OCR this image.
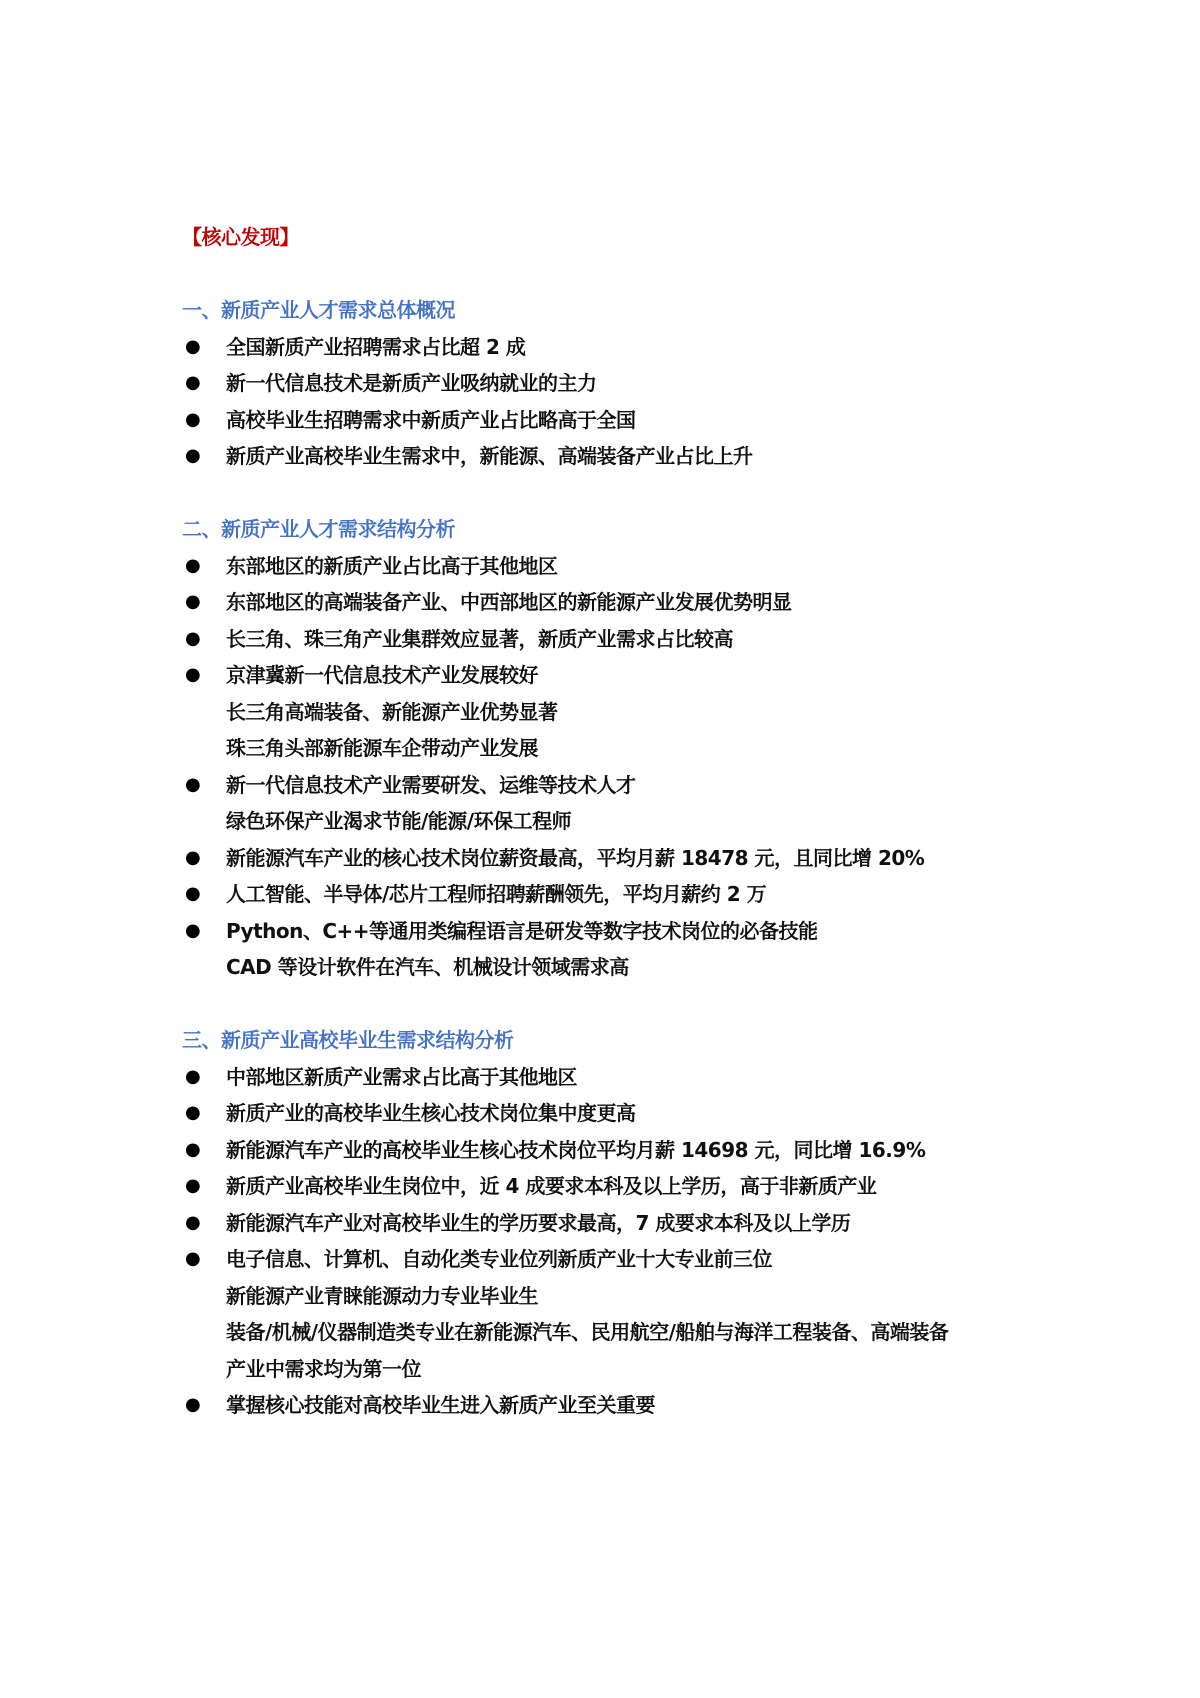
【核心发现】
一、新质产业人才需求总体概况
● 全国新质产业招聘需求占比超 2 成
● 新一代信息技术是新质产业吸纳就业的主力
● 高校毕业生招聘需求中新质产业占比略高于全国
● 新质产业高校毕业生需求中，新能源、高端装备产业占比上升
二、新质产业人才需求结构分析
● 东部地区的新质产业占比高于其他地区
● 东部地区的高端装备产业、中西部地区的新能源产业发展优势明显
● 长三角、珠三角产业集群效应显著，新质产业需求占比较高
● 京津冀新一代信息技术产业发展较好
长三角高端装备、新能源产业优势显著
珠三角头部新能源车企带动产业发展
● 新一代信息技术产业需要研发、运维等技术人才
绿色环保产业渴求节能/能源/环保工程师
● 新能源汽车产业的核心技术岗位薪资最高，平均月薪 18478 元，且同比增 20%
● 人工智能、半导体/芯片工程师招聘薪酬领先，平均月薪约 2 万
● Python、C++等通用类编程语言是研发等数字技术岗位的必备技能
CAD 等设计软件在汽车、机械设计领域需求高
三、新质产业高校毕业生需求结构分析
● 中部地区新质产业需求占比高于其他地区
● 新质产业的高校毕业生核心技术岗位集中度更高
● 新能源汽车产业的高校毕业生核心技术岗位平均月薪 14698 元，同比增 16.9%
● 新质产业高校毕业生岗位中，近 4 成要求本科及以上学历，高于非新质产业
● 新能源汽车产业对高校毕业生的学历要求最高，7 成要求本科及以上学历
● 电子信息、计算机、自动化类专业位列新质产业十大专业前三位
新能源产业青睐能源动力专业毕业生
装备/机械/仪器制造类专业在新能源汽车、民用航空/船舶与海洋工程装备、高端装备
产业中需求均为第一位
● 掌握核心技能对高校毕业生进入新质产业至关重要
